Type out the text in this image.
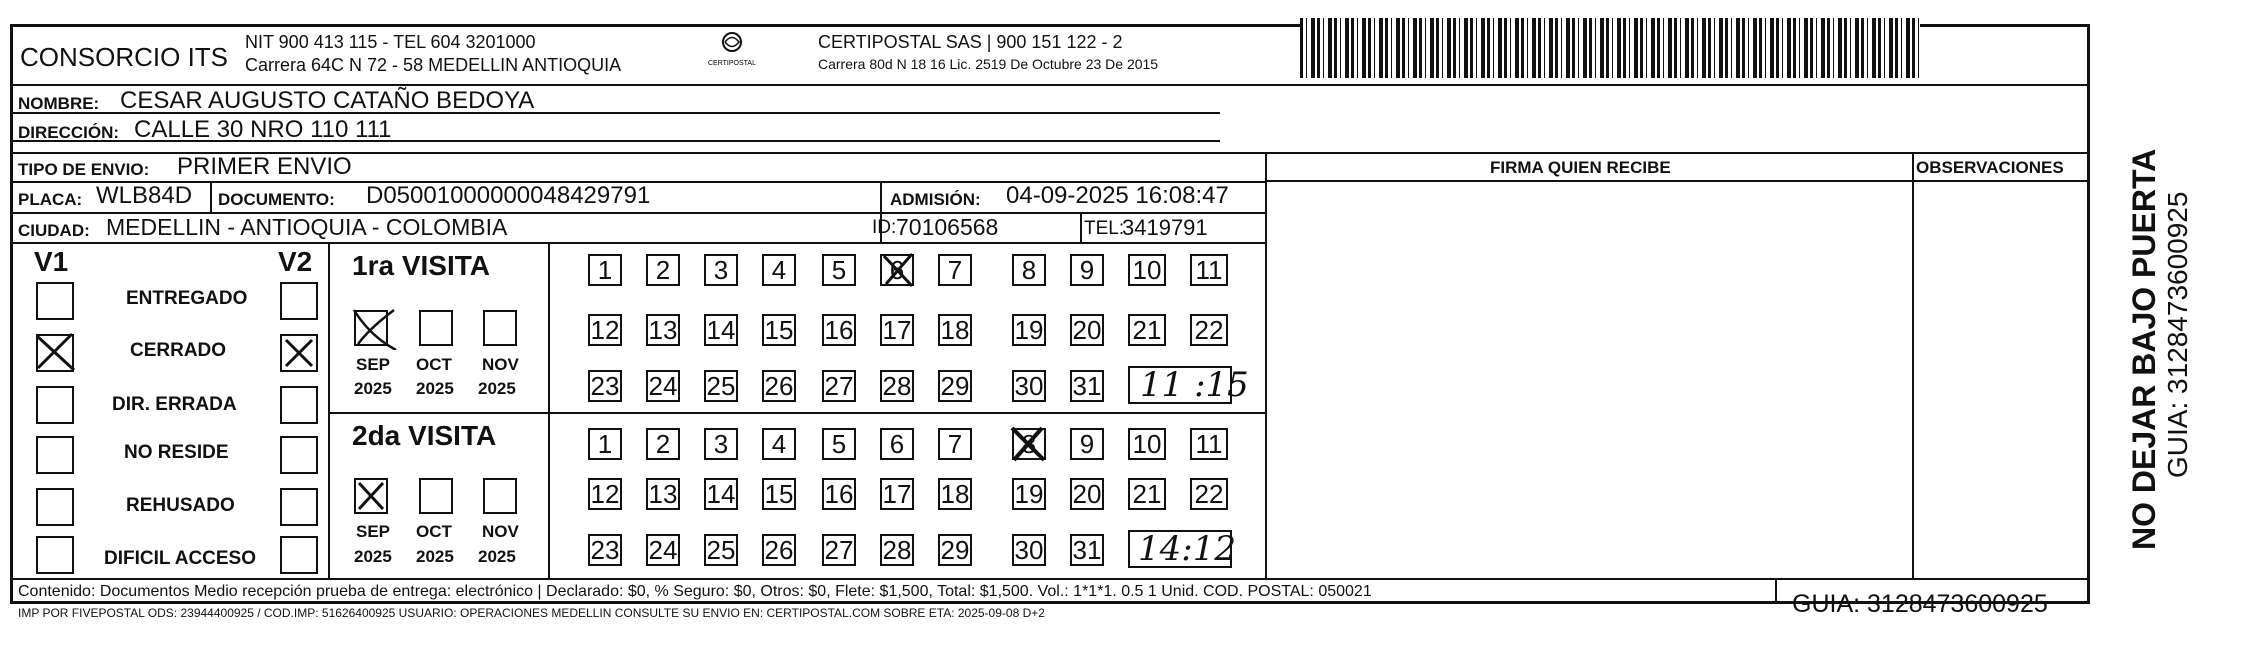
CONSORCIO ITS NIT 900 413 115 - TEL 604 3201000
Carrera 64C N 72 - 58 MEDELLIN ANTIOQUIA	CERTIPOSTAL
CERTIPOSTAL SAS | 900 151 122 - 2
Carrera 80d N 18 16 Lic. 2519 De Octubre 23 De 2015
NOMBRE: CESAR AUGUSTO CATAÑO BEDOYA
DIRECCIÓN: CALLE 30 NRO 110 111
TIPO DE ENVIO: PRIMER ENVIO
PLACA: WLB84D DOCUMENTO: D05001000000048429791	ADMISIÓN: 04-09-2025 16:08:47
CIUDAD: MEDELLIN - ANTIOQUIA - COLOMBIA	ID: 70106568	TEL:
3419791
FIRMA QUIEN RECIBE	OBSERVACIONES
V1	V2
ENTREGADO
CERRADO
DIR. ERRADA
NO RESIDE
REHUSADO
DIFICIL ACCESO
1ra VISITA
SEP OCT NOV
2025 2025 2025
1	2	3	4	5	6	7	8	9	10 11
12 13 14 15 16 17 18 19 20 21 22
23 24 25 26 27 28 29 30 31 11 :15
2da VISITA
SEP OCT NOV
2025 2025 2025
1	2	3	4	5	6	7	8	9	10 11
12 13 14 15 16 17 18 19 20 21 22
23 24 25 26 27 28 29 30 31 14:12
Contenido: Documentos Medio recepción prueba de entrega: electrónico | Declarado: $0, % Seguro: $0, Otros: $0, Flete: $1,500, Total: $1,500. Vol.: 1*1*1. 0.5 1 Unid. COD. POSTAL: 050021
IMP POR FIVEPOSTAL ODS: 23944400925 / COD.IMP: 51626400925 USUARIO: OPERACIONES MEDELLIN CONSULTE SU ENVIO EN: CERTIPOSTAL.COM SOBRE ETA: 2025-09-08 D+2	GUIA: 3128473600925
NO DEJAR BAJO PUERTA GUIA: 3128473600925
